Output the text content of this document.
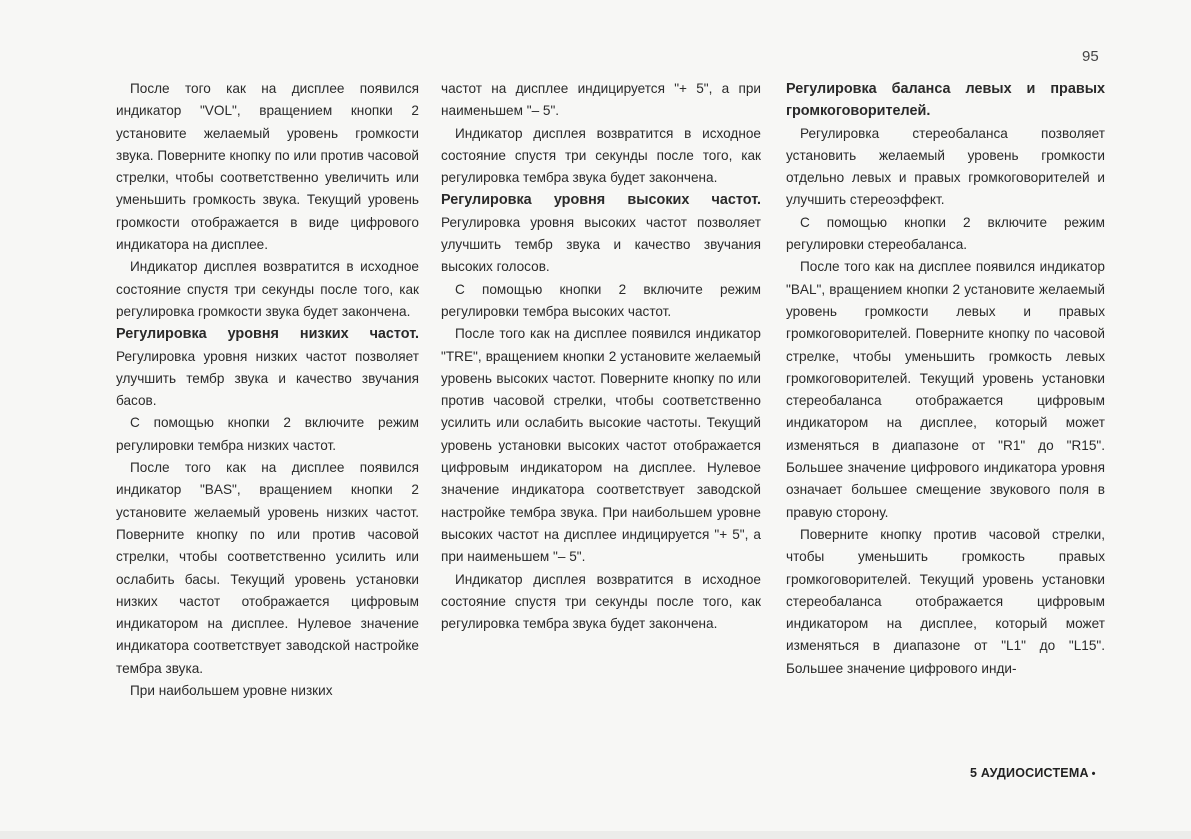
95

После того как на дисплее появился индикатор "VOL", вращением кнопки 2 установите желаемый уровень громкости звука. Поверните кнопку по или против часовой стрелки, чтобы соответственно увеличить или уменьшить громкость звука. Текущий уровень громкости отображается в виде цифрового индикатора на дисплее.

Индикатор дисплея возвратится в исходное состояние спустя три секунды после того, как регулировка громкости звука будет закончена.

Регулировка уровня низких частот. Регулировка уровня низких частот позволяет улучшить тембр звука и качество звучания басов.

С помощью кнопки 2 включите режим регулировки тембра низких частот.

После того как на дисплее появился индикатор "BAS", вращением кнопки 2 установите желаемый уровень низких частот. Поверните кнопку по или против часовой стрелки, чтобы соответственно усилить или ослабить басы. Текущий уровень установки низких частот отображается цифровым индикатором на дисплее. Нулевое значение индикатора соответствует заводской настройке тембра звука.

При наибольшем уровне низких

частот на дисплее индицируется "+ 5", а при наименьшем "– 5".

Индикатор дисплея возвратится в исходное состояние спустя три секунды после того, как регулировка тембра звука будет закончена.

Регулировка уровня высоких частот. Регулировка уровня высоких частот позволяет улучшить тембр звука и качество звучания высоких голосов.

С помощью кнопки 2 включите режим регулировки тембра высоких частот.

После того как на дисплее появился индикатор "TRE", вращением кнопки 2 установите желаемый уровень высоких частот. Поверните кнопку по или против часовой стрелки, чтобы соответственно усилить или ослабить высокие частоты. Текущий уровень установки высоких частот отображается цифровым индикатором на дисплее. Нулевое значение индикатора соответствует заводской настройке тембра звука. При наибольшем уровне высоких частот на дисплее индицируется "+ 5", а при наименьшем "– 5".

Индикатор дисплея возвратится в исходное состояние спустя три секунды после того, как регулировка тембра звука будет закончена.

Регулировка баланса левых и правых громкоговорителей.

Регулировка стереобаланса позволяет установить желаемый уровень громкости отдельно левых и правых громкоговорителей и улучшить стереоэффект.

С помощью кнопки 2 включите режим регулировки стереобаланса.

После того как на дисплее появился индикатор "BAL", вращением кнопки 2 установите желаемый уровень громкости левых и правых громкоговорителей. Поверните кнопку по часовой стрелке, чтобы уменьшить громкость левых громкоговорителей. Текущий уровень установки стереобаланса отображается цифровым индикатором на дисплее, который может изменяться в диапазоне от "R1" до "R15". Большее значение цифрового индикатора уровня означает большее смещение звукового поля в правую сторону.

Поверните кнопку против часовой стрелки, чтобы уменьшить громкость правых громкоговорителей. Текущий уровень установки стереобаланса отображается цифровым индикатором на дисплее, который может изменяться в диапазоне от "L1" до "L15". Большее значение цифрового инди-

5 АУДИОСИСТЕМА •
